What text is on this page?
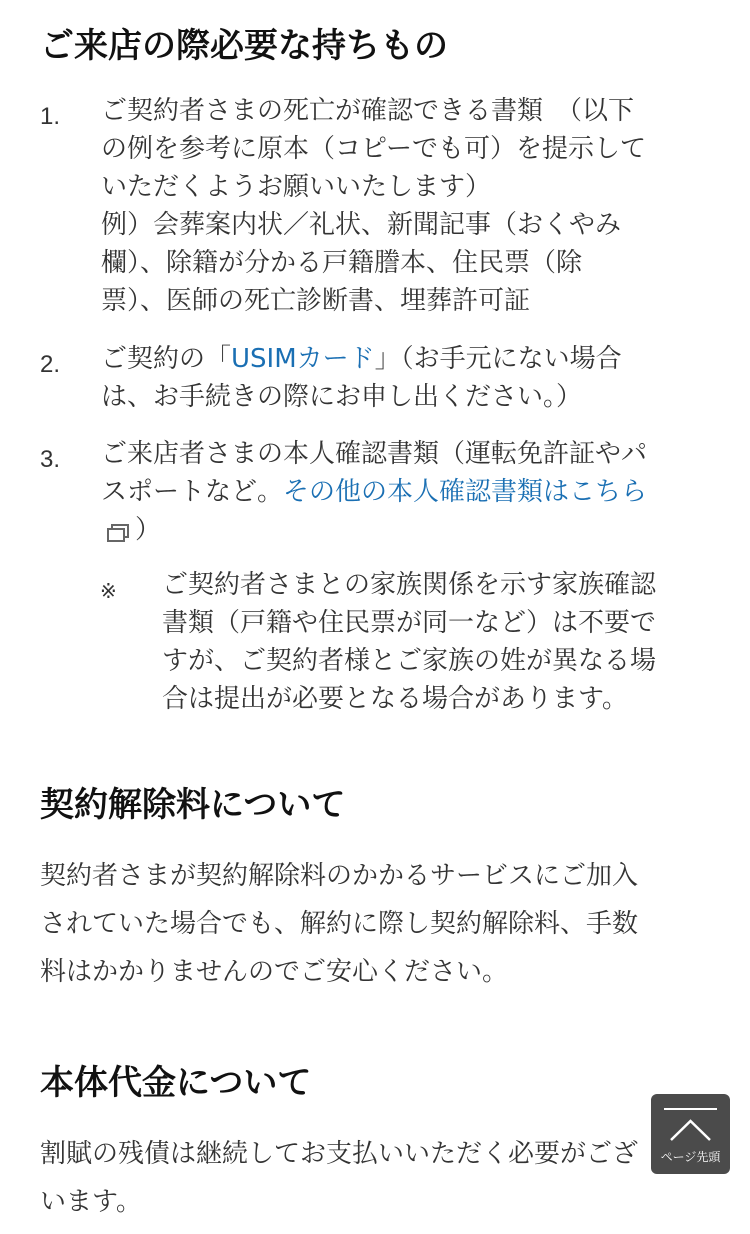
ご来店の際必要な持ちもの
1. ご契約者さまの死亡が確認できる書類　（以下
の例を参考に原本（コピーでも可）を提示して
いただくようお願いいたします）
例）会葬案内状／礼状、新聞記事（おくやみ
欄）、除籍が分かる戸籍謄本、住民票（除
票）、医師の死亡診断書、埋葬許可証
2. ご契約の「USIMカード」（お手元にない場合
は、お手続きの際にお申し出ください。）
3. ご来店者さまの本人確認書類（運転免許証やパ
スポートなど。その他の本人確認書類はこちら
）
※ ご契約者さまとの家族関係を示す家族確認
書類（戸籍や住民票が同一など）は不要で
すが、ご契約者様とご家族の姓が異なる場
合は提出が必要となる場合があります。
契約解除料について
契約者さまが契約解除料のかかるサービスにご加入
されていた場合でも、解約に際し契約解除料、手数
料はかかりませんのでご安心ください。
本体代金について
割賦の残債は継続してお支払いいただく必要がござ
います。
ページ先頭
